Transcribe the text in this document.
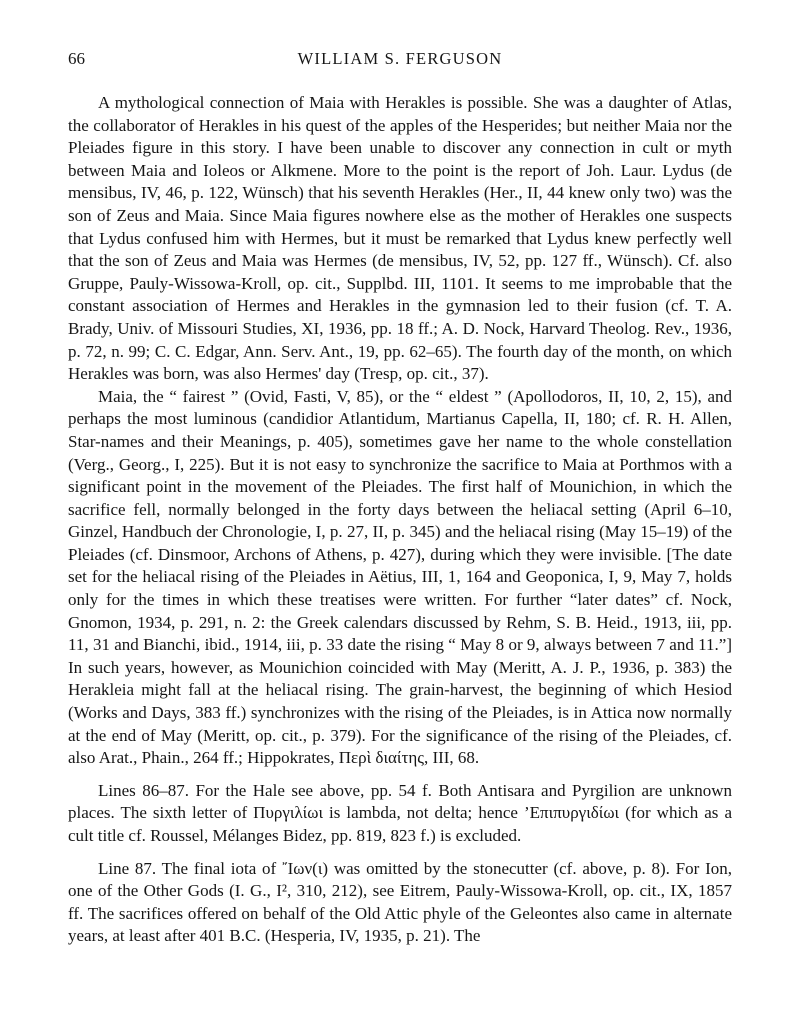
66	WILLIAM S. FERGUSON

A mythological connection of Maia with Herakles is possible. She was a daughter of Atlas, the collaborator of Herakles in his quest of the apples of the Hesperides; but neither Maia nor the Pleiades figure in this story. I have been unable to discover any connection in cult or myth between Maia and Ioleos or Alkmene. More to the point is the report of Joh. Laur. Lydus (de mensibus, IV, 46, p. 122, Wünsch) that his seventh Herakles (Her., II, 44 knew only two) was the son of Zeus and Maia. Since Maia figures nowhere else as the mother of Herakles one suspects that Lydus confused him with Hermes, but it must be remarked that Lydus knew perfectly well that the son of Zeus and Maia was Hermes (de mensibus, IV, 52, pp. 127 ff., Wünsch). Cf. also Gruppe, Pauly-Wissowa-Kroll, op. cit., Supplbd. III, 1101. It seems to me improbable that the constant association of Hermes and Herakles in the gymnasion led to their fusion (cf. T. A. Brady, Univ. of Missouri Studies, XI, 1936, pp. 18 ff.; A. D. Nock, Harvard Theolog. Rev., 1936, p. 72, n. 99; C. C. Edgar, Ann. Serv. Ant., 19, pp. 62–65). The fourth day of the month, on which Herakles was born, was also Hermes' day (Tresp, op. cit., 37).

Maia, the “ fairest ” (Ovid, Fasti, V, 85), or the “ eldest ” (Apollodoros, II, 10, 2, 15), and perhaps the most luminous (candidior Atlantidum, Martianus Capella, II, 180; cf. R. H. Allen, Star-names and their Meanings, p. 405), sometimes gave her name to the whole constellation (Verg., Georg., I, 225). But it is not easy to synchronize the sacrifice to Maia at Porthmos with a significant point in the movement of the Pleiades. The first half of Mounichion, in which the sacrifice fell, normally belonged in the forty days between the heliacal setting (April 6–10, Ginzel, Handbuch der Chronologie, I, p. 27, II, p. 345) and the heliacal rising (May 15–19) of the Pleiades (cf. Dinsmoor, Archons of Athens, p. 427), during which they were invisible. [The date set for the heliacal rising of the Pleiades in Aëtius, III, 1, 164 and Geoponica, I, 9, May 7, holds only for the times in which these treatises were written. For further “later dates” cf. Nock, Gnomon, 1934, p. 291, n. 2: the Greek calendars discussed by Rehm, S. B. Heid., 1913, iii, pp. 11, 31 and Bianchi, ibid., 1914, iii, p. 33 date the rising “ May 8 or 9, always between 7 and 11.”] In such years, however, as Mounichion coincided with May (Meritt, A. J. P., 1936, p. 383) the Herakleia might fall at the heliacal rising. The grain-harvest, the beginning of which Hesiod (Works and Days, 383 ff.) synchronizes with the rising of the Pleiades, is in Attica now normally at the end of May (Meritt, op. cit., p. 379). For the significance of the rising of the Pleiades, cf. also Arat., Phain., 264 ff.; Hippokrates, Περὶ διαίτης, III, 68.

Lines 86–87. For the Hale see above, pp. 54 f. Both Antisara and Pyrgilion are unknown places. The sixth letter of Πυργιλίωι is lambda, not delta; hence ’Επιπυργιδίωι (for which as a cult title cf. Roussel, Mélanges Bidez, pp. 819, 823 f.) is excluded.

Line 87. The final iota of ῎Ιων(ι) was omitted by the stonecutter (cf. above, p. 8). For Ion, one of the Other Gods (I. G., I², 310, 212), see Eitrem, Pauly-Wissowa-Kroll, op. cit., IX, 1857 ff. The sacrifices offered on behalf of the Old Attic phyle of the Geleontes also came in alternate years, at least after 401 B.C. (Hesperia, IV, 1935, p. 21). The
